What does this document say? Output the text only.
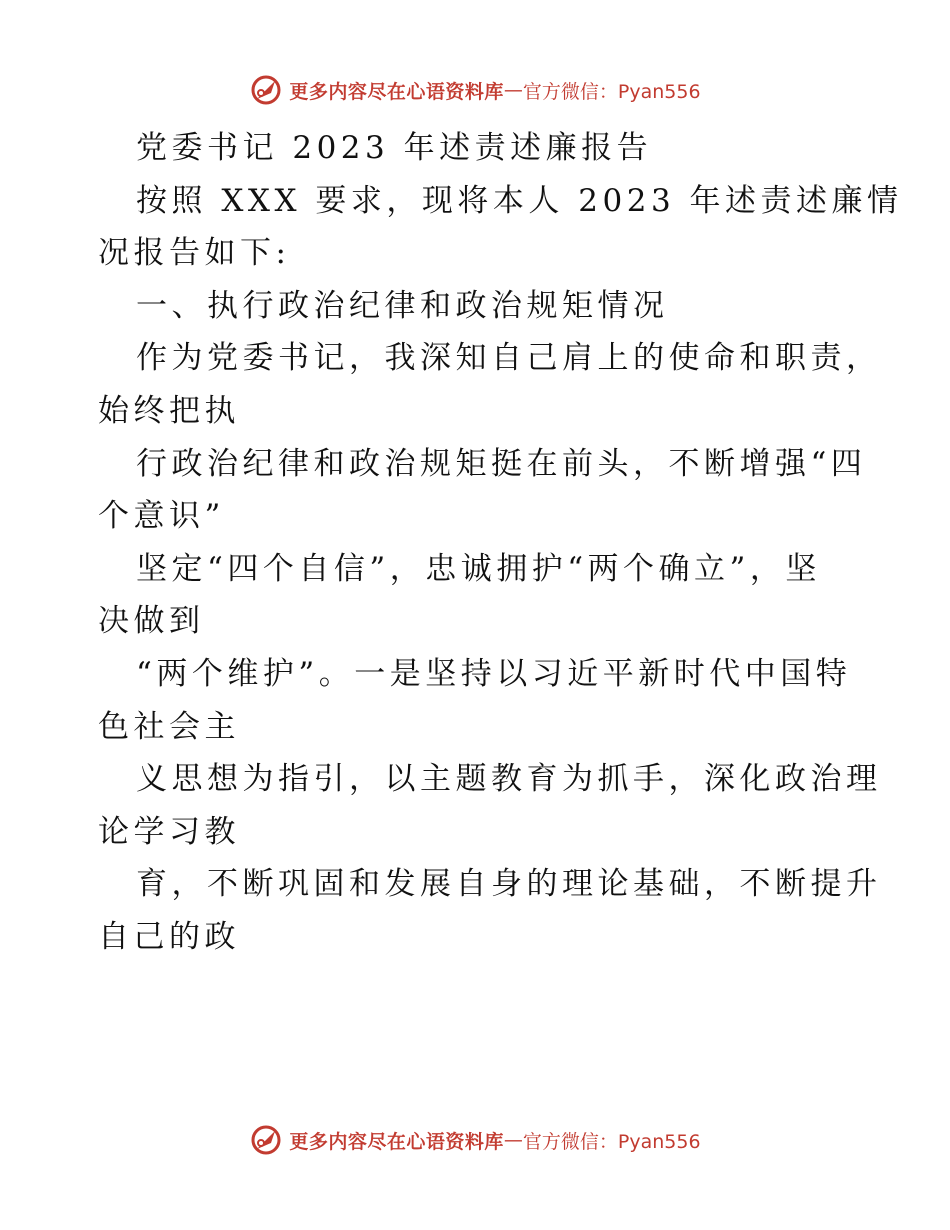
更多内容尽在心语资料库 — 官方微信：Pyan556
党委书记 2023 年述责述廉报告
按照 XXX 要求，现将本人 2023 年述责述廉情
况报告如下:
一、执行政治纪律和政治规矩情况
作为党委书记，我深知自己肩上的使命和职责，
始终把执
行政治纪律和政治规矩挺在前头，不断增强“四
个意识”
坚定“四个自信”，忠诚拥护“两个确立”，坚
决做到
“两个维护”。一是坚持以习近平新时代中国特
色社会主
义思想为指引，以主题教育为抓手，深化政治理
论学习教
育，不断巩固和发展自身的理论基础，不断提升
自己的政
更多内容尽在心语资料库 — 官方微信：Pyan556
